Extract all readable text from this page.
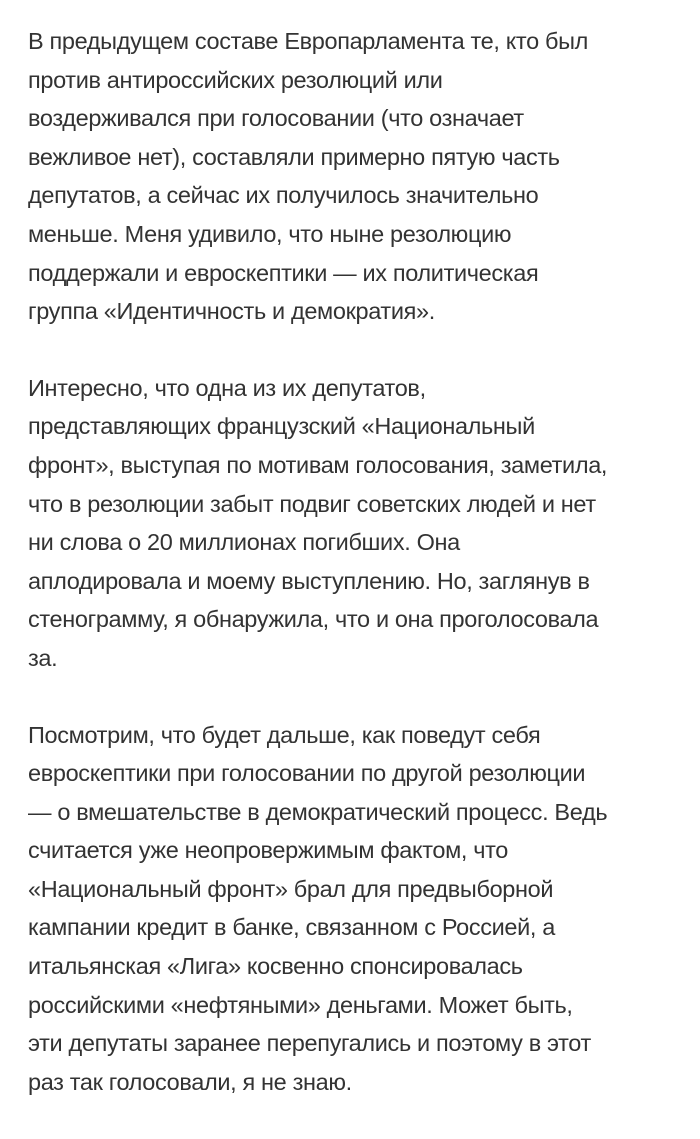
В предыдущем составе Европарламента те, кто был
против антироссийских резолюций или
воздерживался при голосовании (что означает
вежливое нет), составляли примерно пятую часть
депутатов, а сейчас их получилось значительно
меньше. Меня удивило, что ныне резолюцию
поддержали и евроскептики — их политическая
группа «Идентичность и демократия».

Интересно, что одна из их депутатов,
представляющих французский «Национальный
фронт», выступая по мотивам голосования, заметила,
что в резолюции забыт подвиг советских людей и нет
ни слова о 20 миллионах погибших. Она
аплодировала и моему выступлению. Но, заглянув в
стенограмму, я обнаружила, что и она проголосовала
за.

Посмотрим, что будет дальше, как поведут себя
евроскептики при голосовании по другой резолюции
— о вмешательстве в демократический процесс. Ведь
считается уже неопровержимым фактом, что
«Национальный фронт» брал для предвыборной
кампании кредит в банке, связанном с Россией, а
итальянская «Лига» косвенно спонсировалась
российскими «нефтяными» деньгами. Может быть,
эти депутаты заранее перепугались и поэтому в этот
раз так голосовали, я не знаю.
